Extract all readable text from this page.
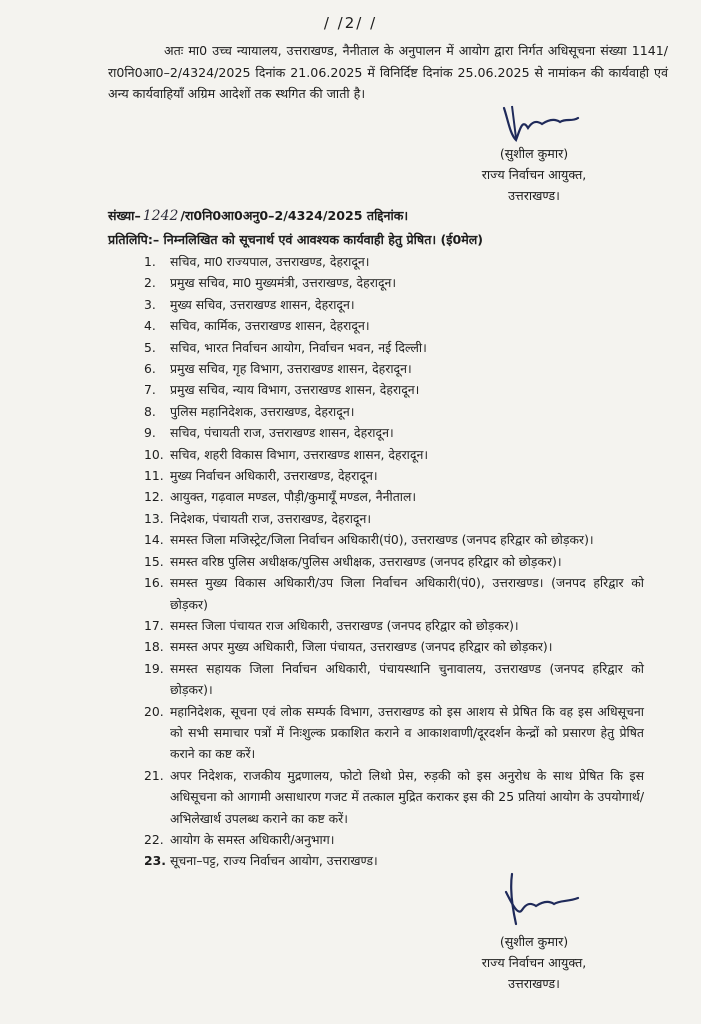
/ /2/ /

अतः मा0 उच्च न्यायालय, उत्तराखण्ड, नैनीताल के अनुपालन में आयोग द्वारा निर्गत अधिसूचना संख्या 1141/रा0नि0आ0–2/4324/2025 दिनांक 21.06.2025 में विनिर्दिष्ट दिनांक 25.06.2025 से नामांकन की कार्यवाही एवं अन्य कार्यवाहियाँ अग्रिम आदेशों तक स्थगित की जाती है।

(सुशील कुमार)
राज्य निर्वाचन आयुक्त,
उत्तराखण्ड।
संख्या– 1242 /रा0नि0आ0अनु0–2/4324/2025 तद्दिनांक।
प्रतिलिपि:– निम्नलिखित को सूचनार्थ एवं आवश्यक कार्यवाही हेतु प्रेषित। (ई0मेल)
1.	सचिव, मा0 राज्यपाल, उत्तराखण्ड, देहरादून।
2.	प्रमुख सचिव, मा0 मुख्यमंत्री, उत्तराखण्ड, देहरादून।
3.	मुख्य सचिव, उत्तराखण्ड शासन, देहरादून।
4.	सचिव, कार्मिक, उत्तराखण्ड शासन, देहरादून।
5.	सचिव, भारत निर्वाचन आयोग, निर्वाचन भवन, नई दिल्ली।
6.	प्रमुख सचिव, गृह विभाग, उत्तराखण्ड शासन, देहरादून।
7.	प्रमुख सचिव, न्याय विभाग, उत्तराखण्ड शासन, देहरादून।
8.	पुलिस महानिदेशक, उत्तराखण्ड, देहरादून।
9.	सचिव, पंचायती राज, उत्तराखण्ड शासन, देहरादून।
10. सचिव, शहरी विकास विभाग, उत्तराखण्ड शासन, देहरादून।
11. मुख्य निर्वाचन अधिकारी, उत्तराखण्ड, देहरादून।
12. आयुक्त, गढ़वाल मण्डल, पौड़ी/कुमायूँ मण्डल, नैनीताल।
13. निदेशक, पंचायती राज, उत्तराखण्ड, देहरादून।
14. समस्त जिला मजिस्ट्रेट/जिला निर्वाचन अधिकारी(पं0), उत्तराखण्ड (जनपद हरिद्वार को छोड़कर)।
15. समस्त वरिष्ठ पुलिस अधीक्षक/पुलिस अधीक्षक, उत्तराखण्ड (जनपद हरिद्वार को छोड़कर)।
16. समस्त मुख्य विकास अधिकारी/उप जिला निर्वाचन अधिकारी(पं0), उत्तराखण्ड। (जनपद हरिद्वार को छोड़कर)
17. समस्त जिला पंचायत राज अधिकारी, उत्तराखण्ड (जनपद हरिद्वार को छोड़कर)।
18. समस्त अपर मुख्य अधिकारी, जिला पंचायत, उत्तराखण्ड (जनपद हरिद्वार को छोड़कर)।
19. समस्त सहायक जिला निर्वाचन अधिकारी, पंचायस्थानि चुनावालय, उत्तराखण्ड (जनपद हरिद्वार को छोड़कर)।
20. महानिदेशक, सूचना एवं लोक सम्पर्क विभाग, उत्तराखण्ड को इस आशय से प्रेषित कि वह इस अधिसूचना को सभी समाचार पत्रों में निःशुल्क प्रकाशित कराने व आकाशवाणी/दूरदर्शन केन्द्रों को प्रसारण हेतु प्रेषित कराने का कष्ट करें।
21. अपर निदेशक, राजकीय मुद्रणालय, फोटो लिथो प्रेस, रुड़की को इस अनुरोध के साथ प्रेषित कि इस अधिसूचना को आगामी असाधारण गजट में तत्काल मुद्रित कराकर इस की 25 प्रतियां आयोग के उपयोगार्थ/अभिलेखार्थ उपलब्ध कराने का कष्ट करें।
22. आयोग के समस्त अधिकारी/अनुभाग।
23. सूचना–पट्ट, राज्य निर्वाचन आयोग, उत्तराखण्ड।
(सुशील कुमार)
राज्य निर्वाचन आयुक्त,
उत्तराखण्ड।
